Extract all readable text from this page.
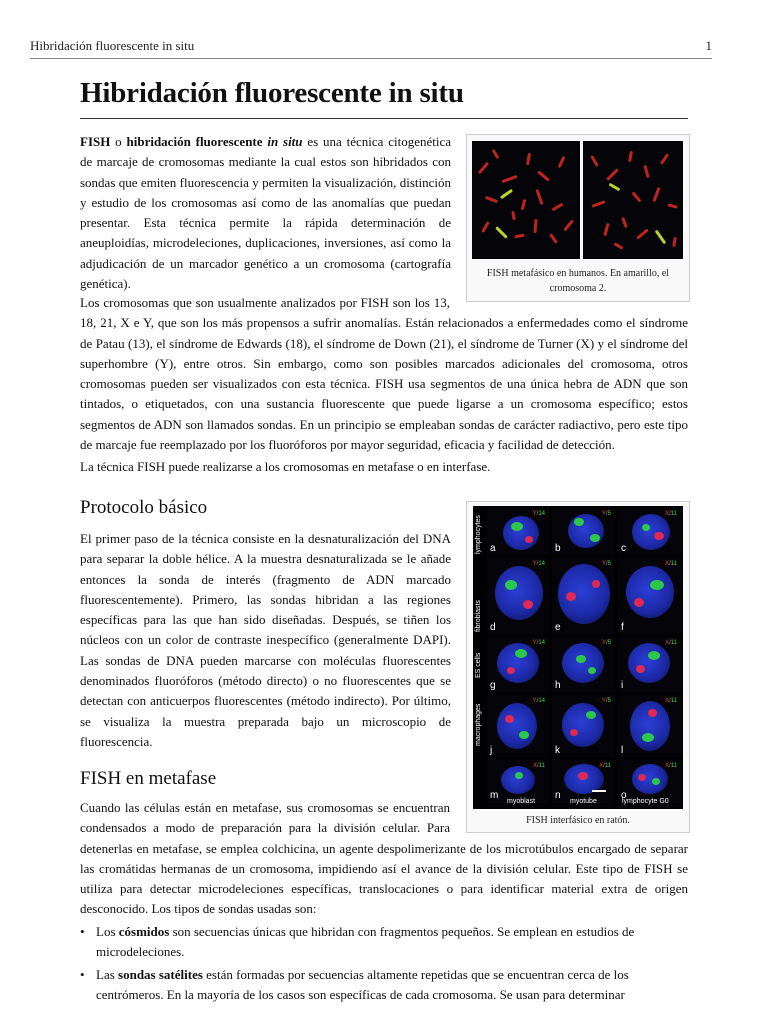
Hibridación fluorescente in situ	1
Hibridación fluorescente in situ

FISH o hibridación fluorescente in situ es una técnica citogenética de marcaje de cromosomas mediante la cual estos son hibridados con sondas que emiten fluorescencia y permiten la visualización, distinción y estudio de los cromosomas así como de las anomalías que puedan presentar. Esta técnica permite la rápida determinación de aneuploidías, microdeleciones, duplicaciones, inversiones, así como la adjudicación de un marcador genético a un cromosoma (cartografía genética).

FISH metafásico en humanos. En amarillo, el cromosoma 2.

Los cromosomas que son usualmente analizados por FISH son los 13, 18, 21, X e Y, que son los más propensos a sufrir anomalías. Están relacionados a enfermedades como el síndrome de Patau (13), el síndrome de Edwards (18), el síndrome de Down (21), el síndrome de Turner (X) y el síndrome del superhombre (Y), entre otros. Sin embargo, como son posibles marcados adicionales del cromosoma, otros cromosomas pueden ser visualizados con esta técnica. FISH usa segmentos de una única hebra de ADN que son tintados, o etiquetados, con una sustancia fluorescente que puede ligarse a un cromosoma específico; estos segmentos de ADN son llamados sondas. En un principio se empleaban sondas de carácter radiactivo, pero este tipo de marcaje fue reemplazado por los fluoróforos por mayor seguridad, eficacia y facilidad de detección.

La técnica FISH puede realizarse a los cromosomas en metafase o en interfase.

Protocolo básico

El primer paso de la técnica consiste en la desnaturalización del DNA para separar la doble hélice. A la muestra desnaturalizada se le añade entonces la sonda de interés (fragmento de ADN marcado fluorescentemente). Primero, las sondas hibridan a las regiones específicas para las que han sido diseñadas. Después, se tiñen los núcleos con un color de contraste inespecífico (generalmente DAPI). Las sondas de DNA pueden marcarse con moléculas fluorescentes denominados fluoróforos (método directo) o no fluorescentes que se detectan con anticuerpos fluorescentes (método indirecto). Por último, se visualiza la muestra preparada bajo un microscopio de fluorescencia.

lymphocytes
fibroblasts
ES cells
macrophages
Y/14
a
Y/5
b
X/11
c
Y/14
d
Y/5
e
X/11
f
Y/14
g
Y/5
h
X/11
i
Y/14
j
Y/5
k
X/11
l
X/11
m
myoblast
X/11
n
myotube
X/11
o
lymphocyte G0
FISH interfásico en ratón.
FISH en metafase

Cuando las células están en metafase, sus cromosomas se encuentran condensados a modo de preparación para la división celular. Para detenerlas en metafase, se emplea colchicina, un agente despolimerizante de los microtúbulos encargado de separar las cromátidas hermanas de un cromosoma, impidiendo así el avance de la división celular. Este tipo de FISH se utiliza para detectar microdeleciones específicas, translocaciones o para identificar material extra de origen desconocido. Los tipos de sondas usadas son:

• Los cósmidos son secuencias únicas que hibridan con fragmentos pequeños. Se emplean en estudios de microdeleciones.
• Las sondas satélites están formadas por secuencias altamente repetidas que se encuentran cerca de los centrómeros. En la mayoría de los casos son específicas de cada cromosoma. Se usan para determinar
